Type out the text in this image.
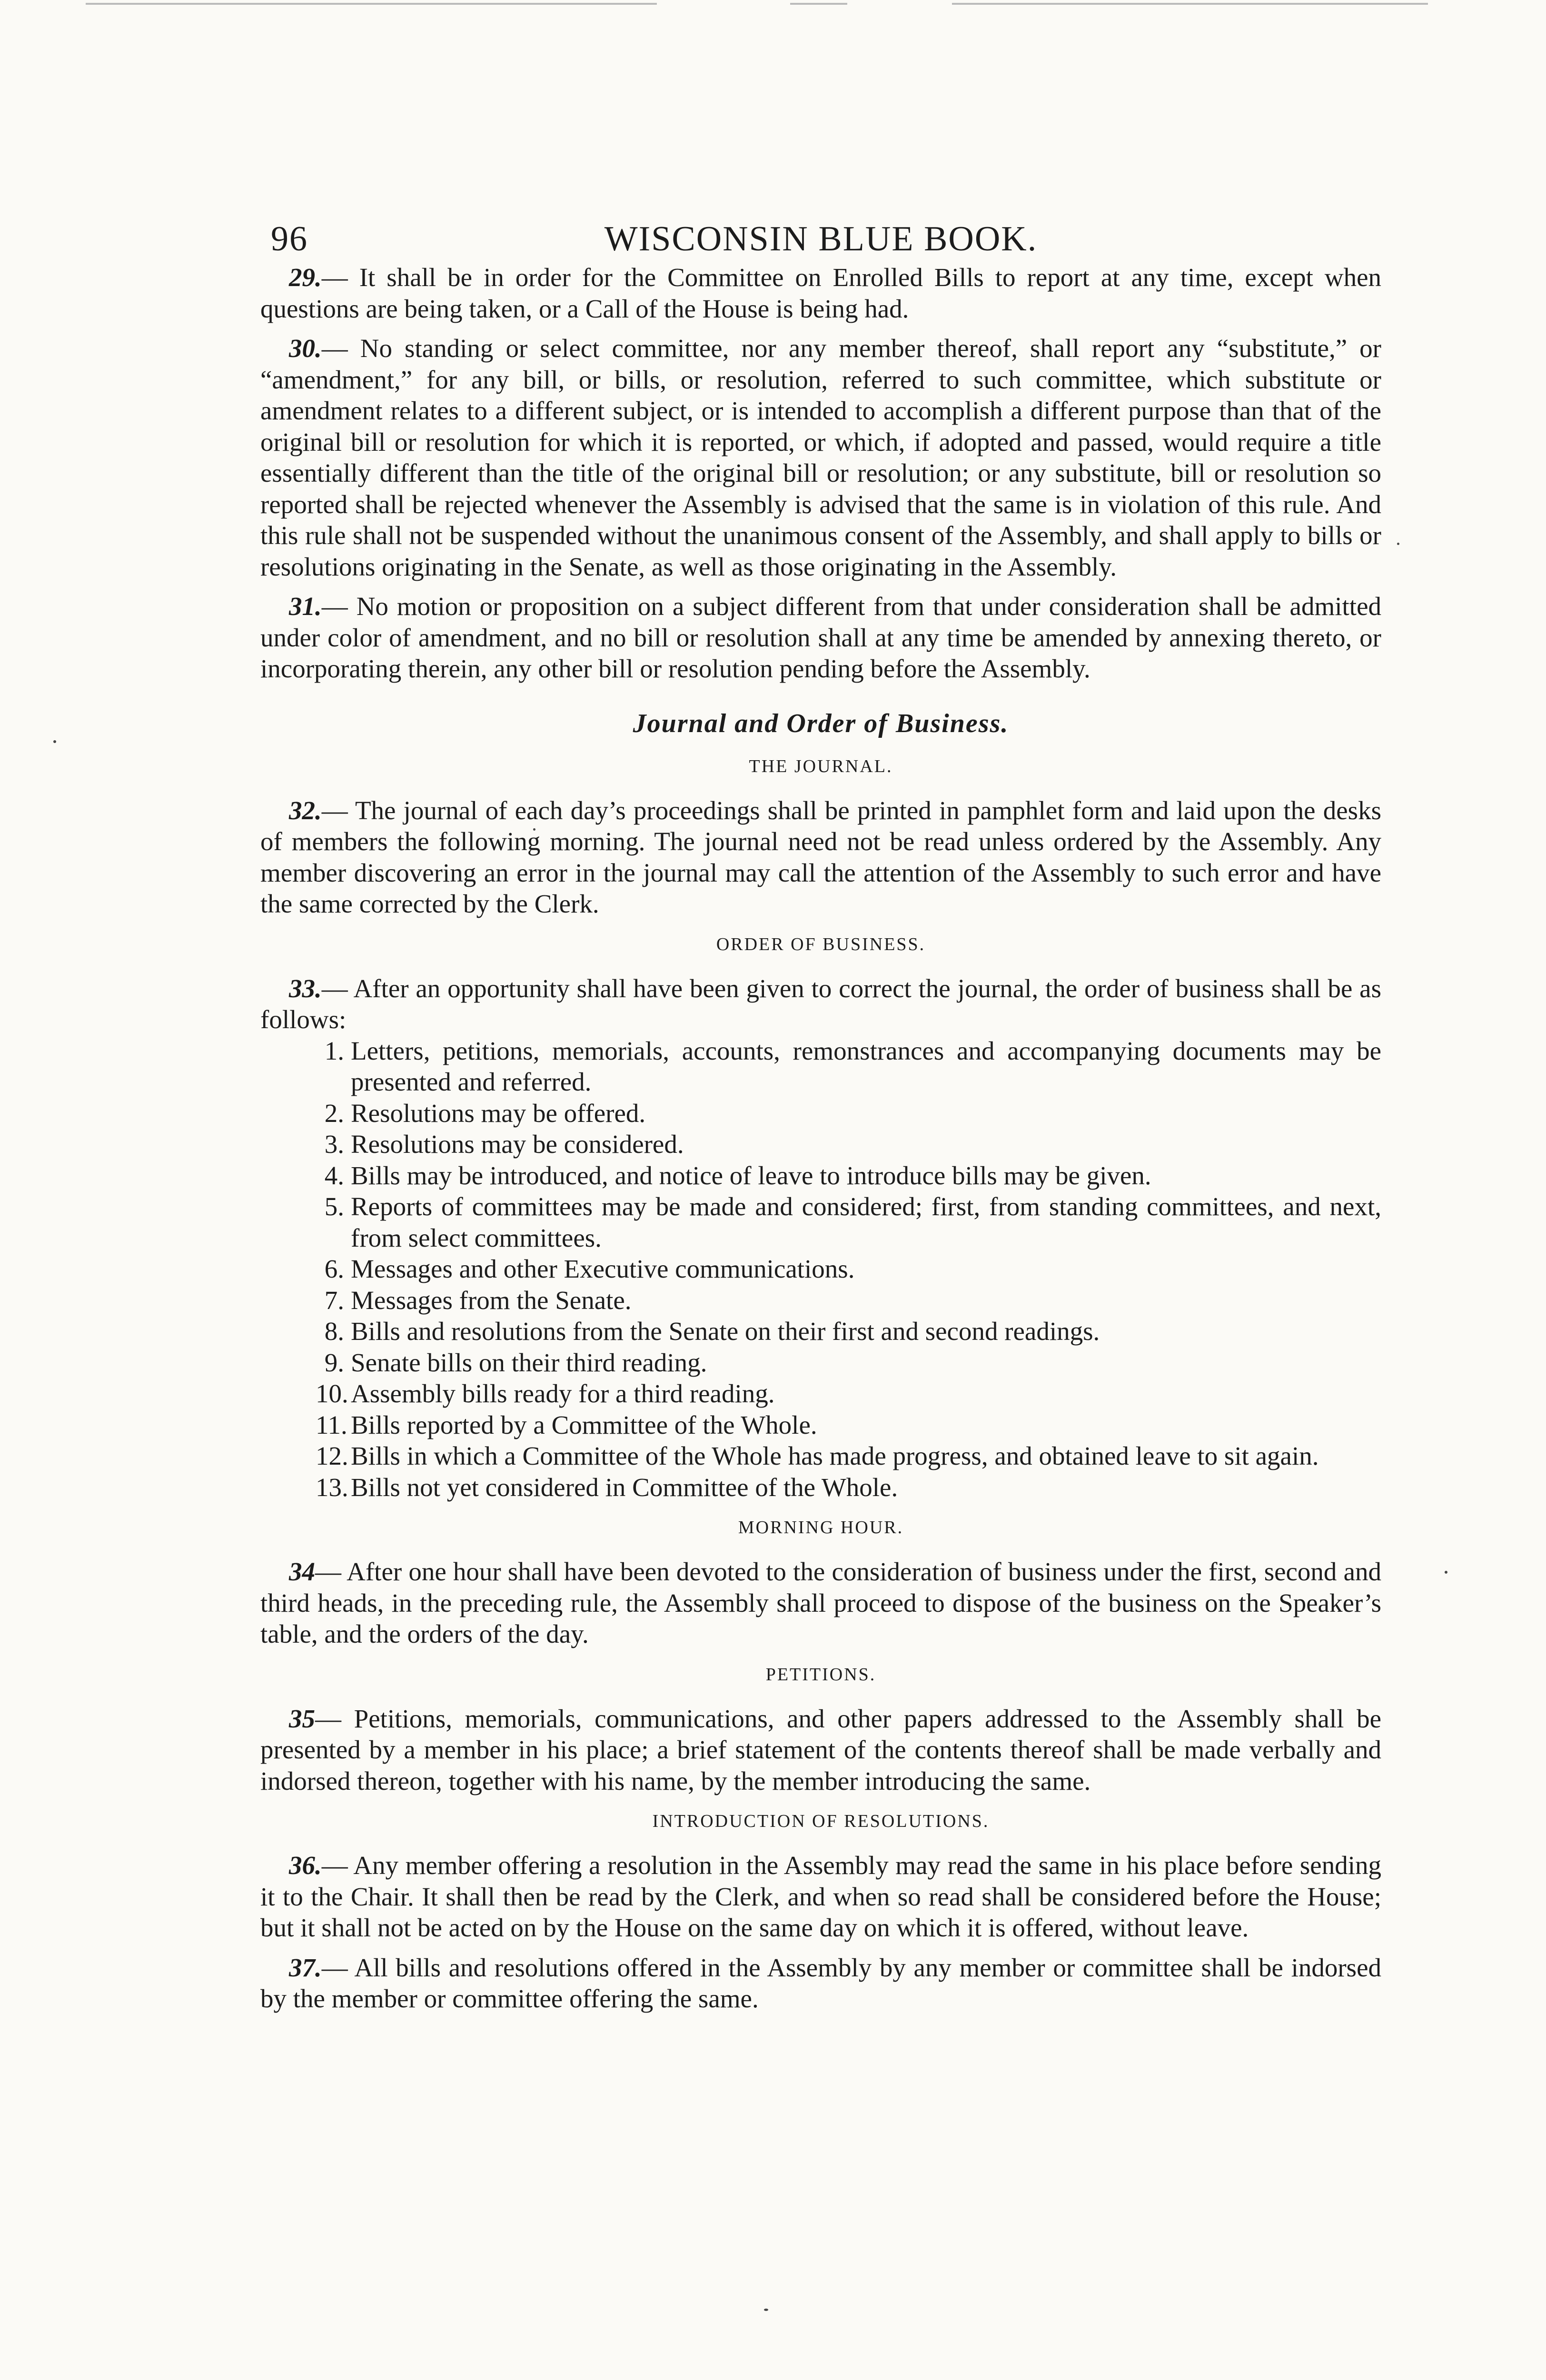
96	WISCONSIN BLUE BOOK.

29.— It shall be in order for the Committee on Enrolled Bills to report at any time, except when questions are being taken, or a Call of the House is being had.

30.— No standing or select committee, nor any member thereof, shall report any “substitute,” or “amendment,” for any bill, or bills, or resolution, referred to such committee, which substitute or amendment relates to a different subject, or is intended to accomplish a different purpose than that of the original bill or resolution for which it is reported, or which, if adopted and passed, would require a title essentially different than the title of the original bill or resolution; or any substitute, bill or resolution so reported shall be rejected whenever the Assembly is advised that the same is in violation of this rule. And this rule shall not be suspended without the unanimous consent of the Assembly, and shall apply to bills or resolutions originating in the Senate, as well as those originating in the Assembly.

31.— No motion or proposition on a subject different from that under consideration shall be admitted under color of amendment, and no bill or resolution shall at any time be amended by annexing thereto, or incorporating therein, any other bill or resolution pending before the Assembly.

Journal and Order of Business.
THE JOURNAL.

32.— The journal of each day’s proceedings shall be printed in pamphlet form and laid upon the desks of members the following morning. The journal need not be read unless ordered by the Assembly. Any member discovering an error in the journal may call the attention of the Assembly to such error and have the same corrected by the Clerk.

ORDER OF BUSINESS.

33.— After an opportunity shall have been given to correct the journal, the order of business shall be as follows:

1. Letters, petitions, memorials, accounts, remonstrances and accompanying documents may be presented and referred.
2. Resolutions may be offered.
3. Resolutions may be considered.
4. Bills may be introduced, and notice of leave to introduce bills may be given.
5. Reports of committees may be made and considered; first, from standing committees, and next, from select committees.
6. Messages and other Executive communications.
7. Messages from the Senate.
8. Bills and resolutions from the Senate on their first and second readings.
9. Senate bills on their third reading.
10.Assembly bills ready for a third reading.
11. Bills reported by a Committee of the Whole.
12.Bills in which a Committee of the Whole has made progress, and obtained leave to sit again.
13.Bills not yet considered in Committee of the Whole.
MORNING HOUR.

34— After one hour shall have been devoted to the consideration of business under the first, second and third heads, in the preceding rule, the Assembly shall proceed to dispose of the business on the Speaker’s table, and the orders of the day.

PETITIONS.

35— Petitions, memorials, communications, and other papers addressed to the Assembly shall be presented by a member in his place; a brief statement of the contents thereof shall be made verbally and indorsed thereon, together with his name, by the member introducing the same.

INTRODUCTION OF RESOLUTIONS.

36.— Any member offering a resolution in the Assembly may read the same in his place before sending it to the Chair. It shall then be read by the Clerk, and when so read shall be considered before the House; but it shall not be acted on by the House on the same day on which it is offered, without leave.

37.— All bills and resolutions offered in the Assembly by any member or committee shall be indorsed by the member or committee offering the same.
